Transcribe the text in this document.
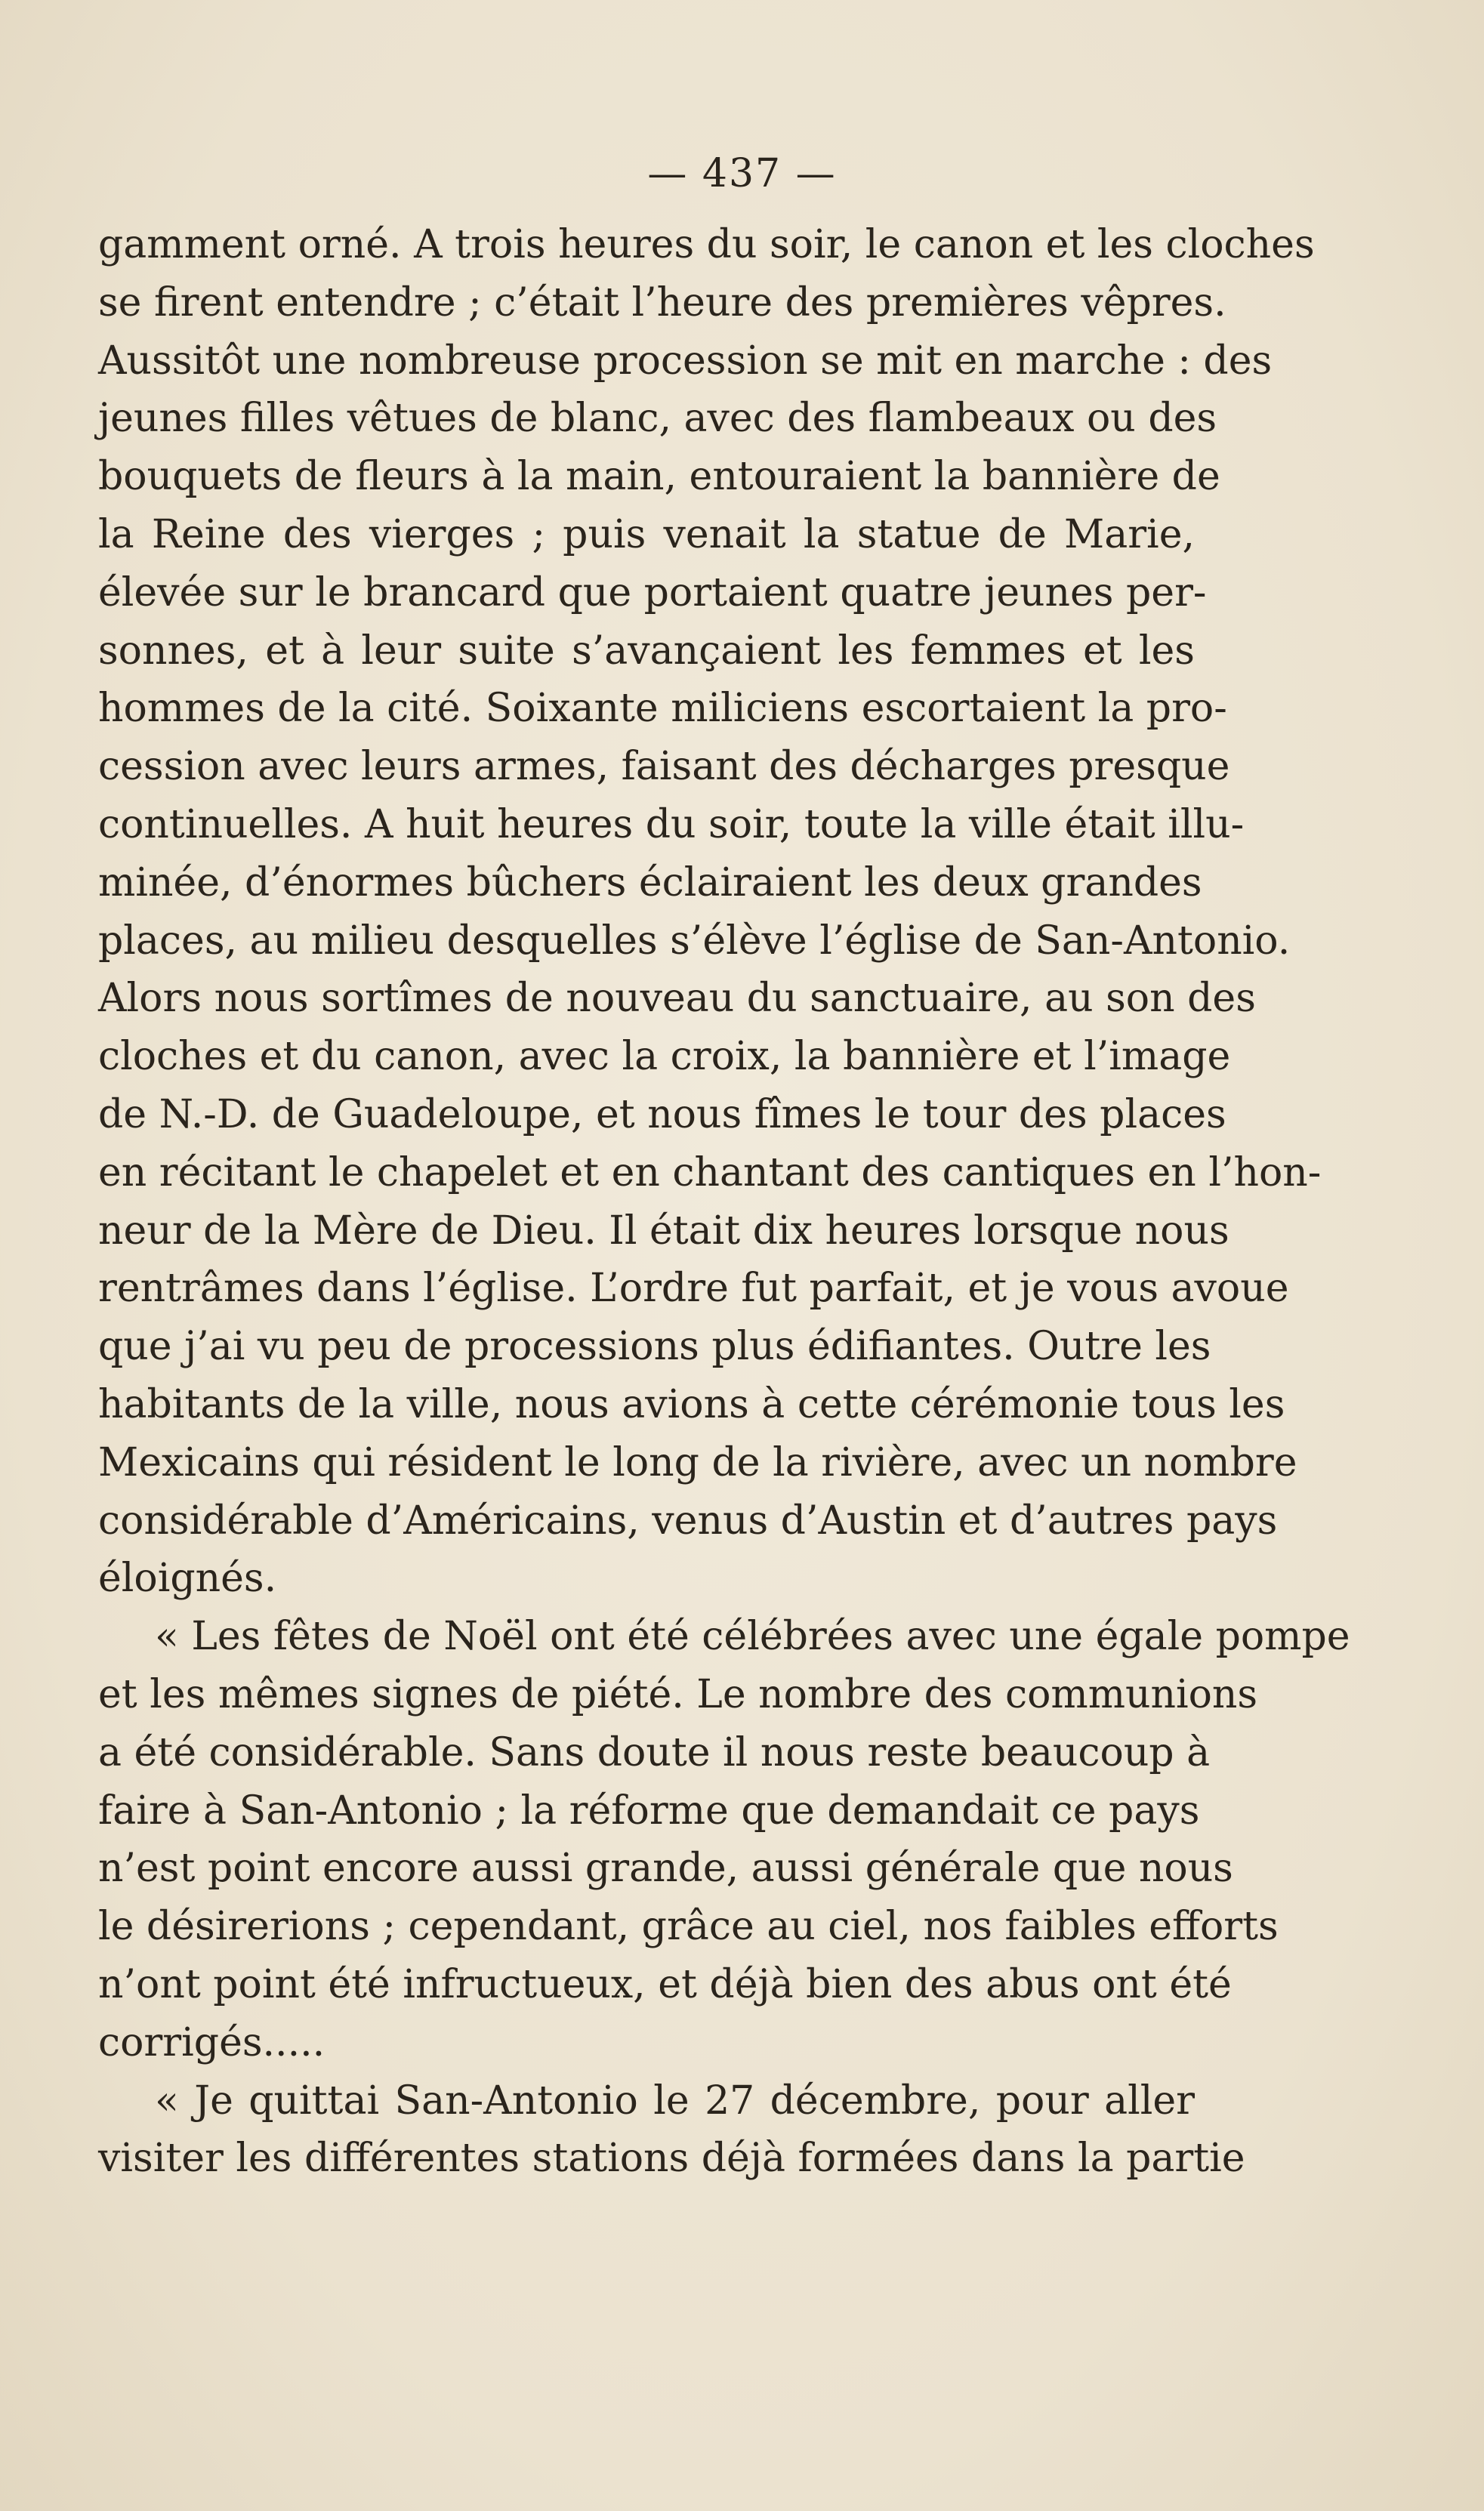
— 437 —
gamment orné. A trois heures du soir, le canon et les cloches
se firent entendre ; c’était l’heure des premières vêpres.
Aussitôt une nombreuse procession se mit en marche : des
jeunes filles vêtues de blanc, avec des flambeaux ou des
bouquets de fleurs à la main, entouraient la bannière de
la Reine des vierges ; puis venait la statue de Marie,
élevée sur le brancard que portaient quatre jeunes per-
sonnes, et à leur suite s’avançaient les femmes et les
hommes de la cité. Soixante miliciens escortaient la pro-
cession avec leurs armes, faisant des décharges presque
continuelles. A huit heures du soir, toute la ville était illu-
minée, d’énormes bûchers éclairaient les deux grandes
places, au milieu desquelles s’élève l’église de San-Antonio.
Alors nous sortîmes de nouveau du sanctuaire, au son des
cloches et du canon, avec la croix, la bannière et l’image
de N.-D. de Guadeloupe, et nous fîmes le tour des places
en récitant le chapelet et en chantant des cantiques en l’hon-
neur de la Mère de Dieu. Il était dix heures lorsque nous
rentrâmes dans l’église. L’ordre fut parfait, et je vous avoue
que j’ai vu peu de processions plus édifiantes. Outre les
habitants de la ville, nous avions à cette cérémonie tous les
Mexicains qui résident le long de la rivière, avec un nombre
considérable d’Américains, venus d’Austin et d’autres pays
éloignés.
« Les fêtes de Noël ont été célébrées avec une égale pompe
et les mêmes signes de piété. Le nombre des communions
a été considérable. Sans doute il nous reste beaucoup à
faire à San-Antonio ; la réforme que demandait ce pays
n’est point encore aussi grande, aussi générale que nous
le désirerions ; cependant, grâce au ciel, nos faibles efforts
n’ont point été infructueux, et déjà bien des abus ont été
corrigés.....
« Je quittai San-Antonio le 27 décembre, pour aller
visiter les différentes stations déjà formées dans la partie
